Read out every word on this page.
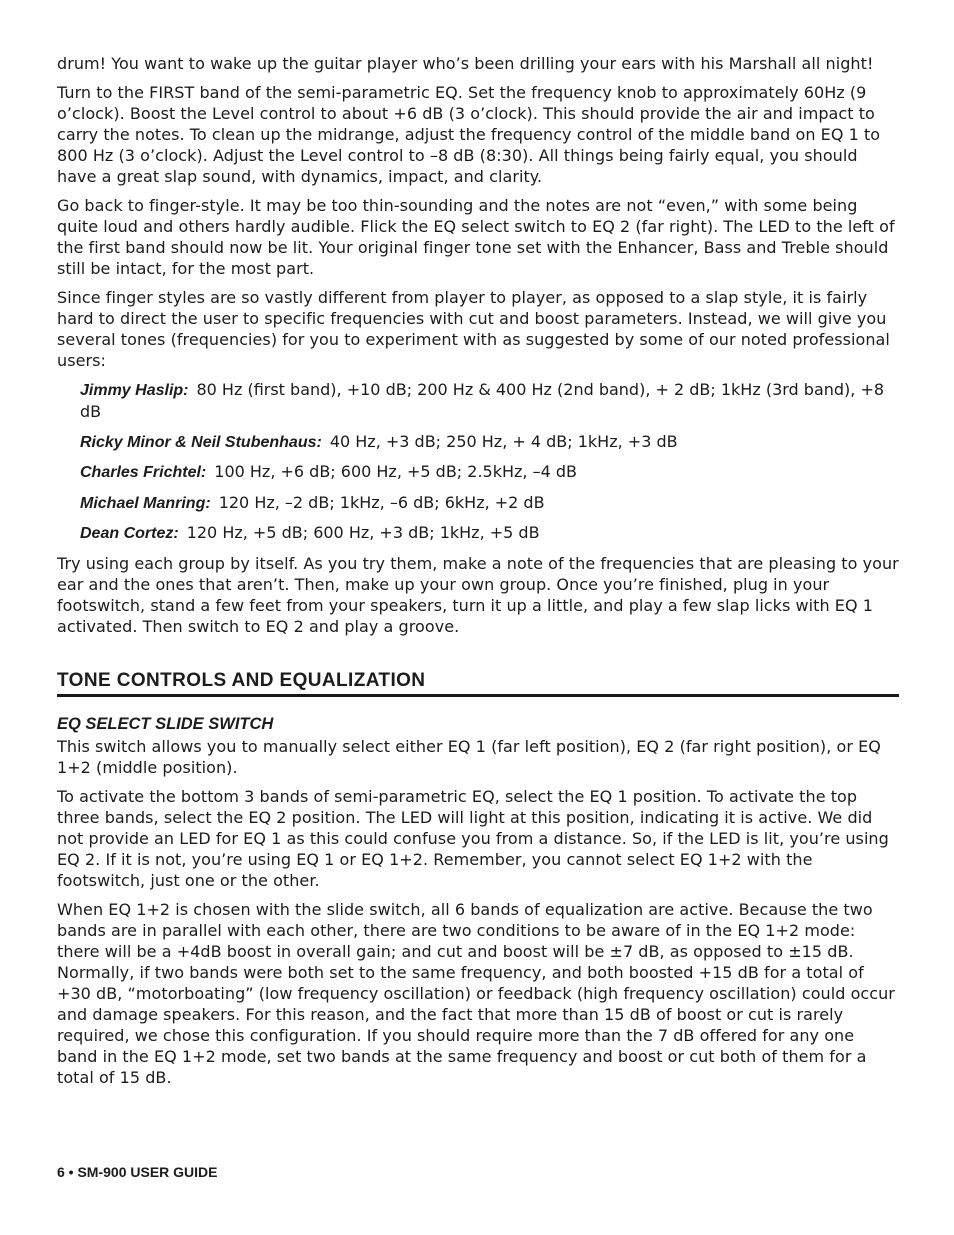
drum! You want to wake up the guitar player who’s been drilling your ears with his Marshall all night!

Turn to the FIRST band of the semi-parametric EQ. Set the frequency knob to approximately 60Hz (9 o’clock). Boost the Level control to about +6 dB (3 o’clock). This should provide the air and impact to carry the notes. To clean up the midrange, adjust the frequency control of the middle band on EQ 1 to 800 Hz (3 o’clock). Adjust the Level control to –8 dB (8:30). All things being fairly equal, you should have a great slap sound, with dynamics, impact, and clarity.

Go back to finger-style. It may be too thin-sounding and the notes are not “even,” with some being quite loud and others hardly audible. Flick the EQ select switch to EQ 2 (far right). The LED to the left of the first band should now be lit. Your original finger tone set with the Enhancer, Bass and Treble should still be intact, for the most part.

Since finger styles are so vastly different from player to player, as opposed to a slap style, it is fairly hard to direct the user to specific frequencies with cut and boost parameters. Instead, we will give you several tones (frequencies) for you to experiment with as suggested by some of our noted professional users:

Jimmy Haslip: 80 Hz (first band), +10 dB; 200 Hz & 400 Hz (2nd band), + 2 dB; 1kHz (3rd band), +8 dB
Ricky Minor & Neil Stubenhaus: 40 Hz, +3 dB; 250 Hz, + 4 dB; 1kHz, +3 dB
Charles Frichtel: 100 Hz, +6 dB; 600 Hz, +5 dB; 2.5kHz, –4 dB
Michael Manring: 120 Hz, –2 dB; 1kHz, –6 dB; 6kHz, +2 dB
Dean Cortez: 120 Hz, +5 dB; 600 Hz, +3 dB; 1kHz, +5 dB

Try using each group by itself. As you try them, make a note of the frequencies that are pleasing to your ear and the ones that aren’t. Then, make up your own group. Once you’re finished, plug in your footswitch, stand a few feet from your speakers, turn it up a little, and play a few slap licks with EQ 1 activated. Then switch to EQ 2 and play a groove.

TONE CONTROLS AND EQUALIZATION
EQ SELECT SLIDE SWITCH

This switch allows you to manually select either EQ 1 (far left position), EQ 2 (far right position), or EQ 1+2 (middle position).

To activate the bottom 3 bands of semi-parametric EQ, select the EQ 1 position. To activate the top three bands, select the EQ 2 position. The LED will light at this position, indicating it is active. We did not provide an LED for EQ 1 as this could confuse you from a distance. So, if the LED is lit, you’re using EQ 2. If it is not, you’re using EQ 1 or EQ 1+2. Remember, you cannot select EQ 1+2 with the footswitch, just one or the other.

When EQ 1+2 is chosen with the slide switch, all 6 bands of equalization are active. Because the two bands are in parallel with each other, there are two conditions to be aware of in the EQ 1+2 mode: there will be a +4dB boost in overall gain; and cut and boost will be ±7 dB, as opposed to ±15 dB. Normally, if two bands were both set to the same frequency, and both boosted +15 dB for a total of +30 dB, “motorboating” (low frequency oscillation) or feedback (high frequency oscillation) could occur and damage speakers. For this reason, and the fact that more than 15 dB of boost or cut is rarely required, we chose this configuration. If you should require more than the 7 dB offered for any one band in the EQ 1+2 mode, set two bands at the same frequency and boost or cut both of them for a total of 15 dB.

6 • SM-900 USER GUIDE
